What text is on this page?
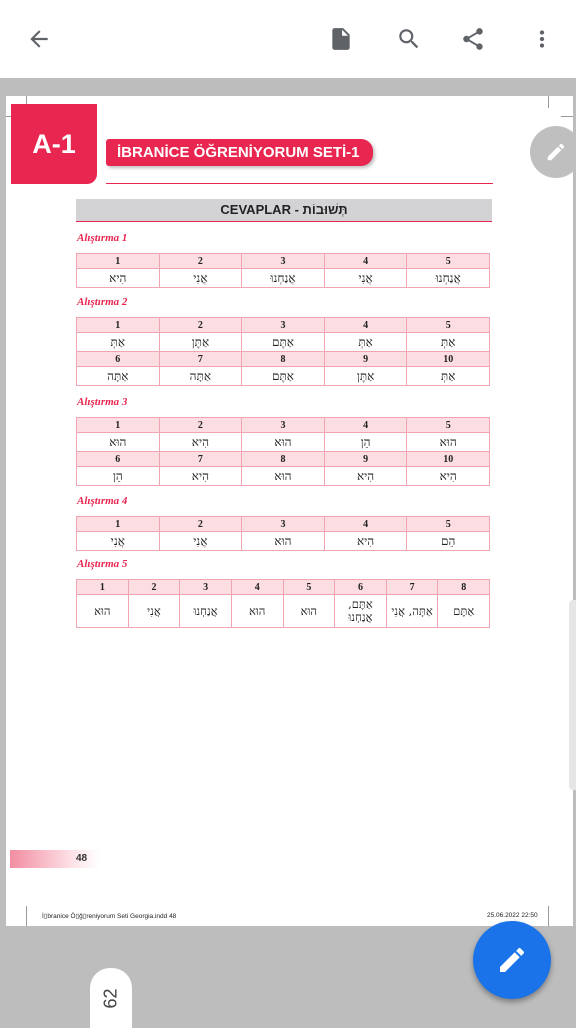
A-1	İBRANİCE ÖĞRENİYORUM SETİ-1
CEVAPLAR - תְּשׁוּבוֹת
Alıştırma 1
1	2	3	4	5
הִיא	אֲנִי	אֲנַחְנוּ	אֲנִי	אֲנַחְנוּ
Alıştırma 2
1	2	3	4	5
אַתְּ	אַתֶּן	אַתֶּם	אַתְּ	אַתְּ
6	7	8	9	10
אַתָּה	אַתָּה	אַתֶּם	אַתֶּן	אַתְּ
Alıştırma 3
1	2	3	4	5
הוּא	הִיא	הוּא	הֵן	הוּא
6	7	8	9	10
הֵן	הִיא	הוּא	הִיא	הִיא
Alıştırma 4
1	2	3	4	5
אֲנִי	אֲנִי	הוּא	הִיא	הֵם
Alıştırma 5
1	2	3	4	5	6	7	8
הוּא	אֲנִי	אֲנַחְנוּ	הוּא	הוּא	אַתֶּם, אֲנַחְנוּ	אַתָּה, אֲנִי	אַתֶּם
48
İ▯branice Ö▯ğ▯reniyorum Seti Georgia.indd 48	25.06.2022 22:50
62
